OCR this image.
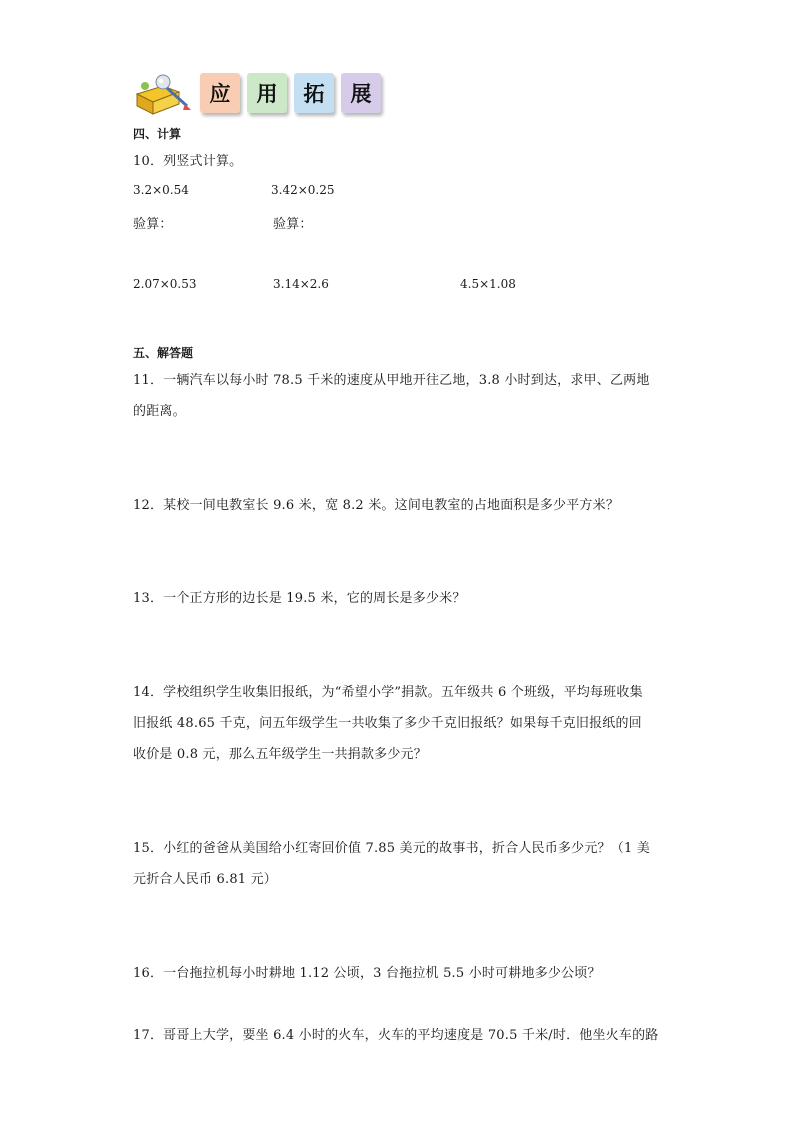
应	用	拓	展
四、计算
10．列竖式计算。
3.2×0.54	3.42×0.25
验算：	验算：
2.07×0.53	3.14×2.6	4.5×1.08
五、解答题
11．一辆汽车以每小时 78.5 千米的速度从甲地开往乙地，3.8 小时到达，求甲、乙两地
的距离。
12．某校一间电教室长 9.6 米，宽 8.2 米。这间电教室的占地面积是多少平方米？
13．一个正方形的边长是 19.5 米，它的周长是多少米？
14．学校组织学生收集旧报纸，为“希望小学”捐款。五年级共 6 个班级，平均每班收集
旧报纸 48.65 千克，问五年级学生一共收集了多少千克旧报纸？如果每千克旧报纸的回
收价是 0.8 元，那么五年级学生一共捐款多少元？
15．小红的爸爸从美国给小红寄回价值 7.85 美元的故事书，折合人民币多少元？（1 美
元折合人民币 6.81 元）
16．一台拖拉机每小时耕地 1.12 公顷，3 台拖拉机 5.5 小时可耕地多少公顷？
17．哥哥上大学，要坐 6.4 小时的火车，火车的平均速度是 70.5 千米/时．他坐火车的路
